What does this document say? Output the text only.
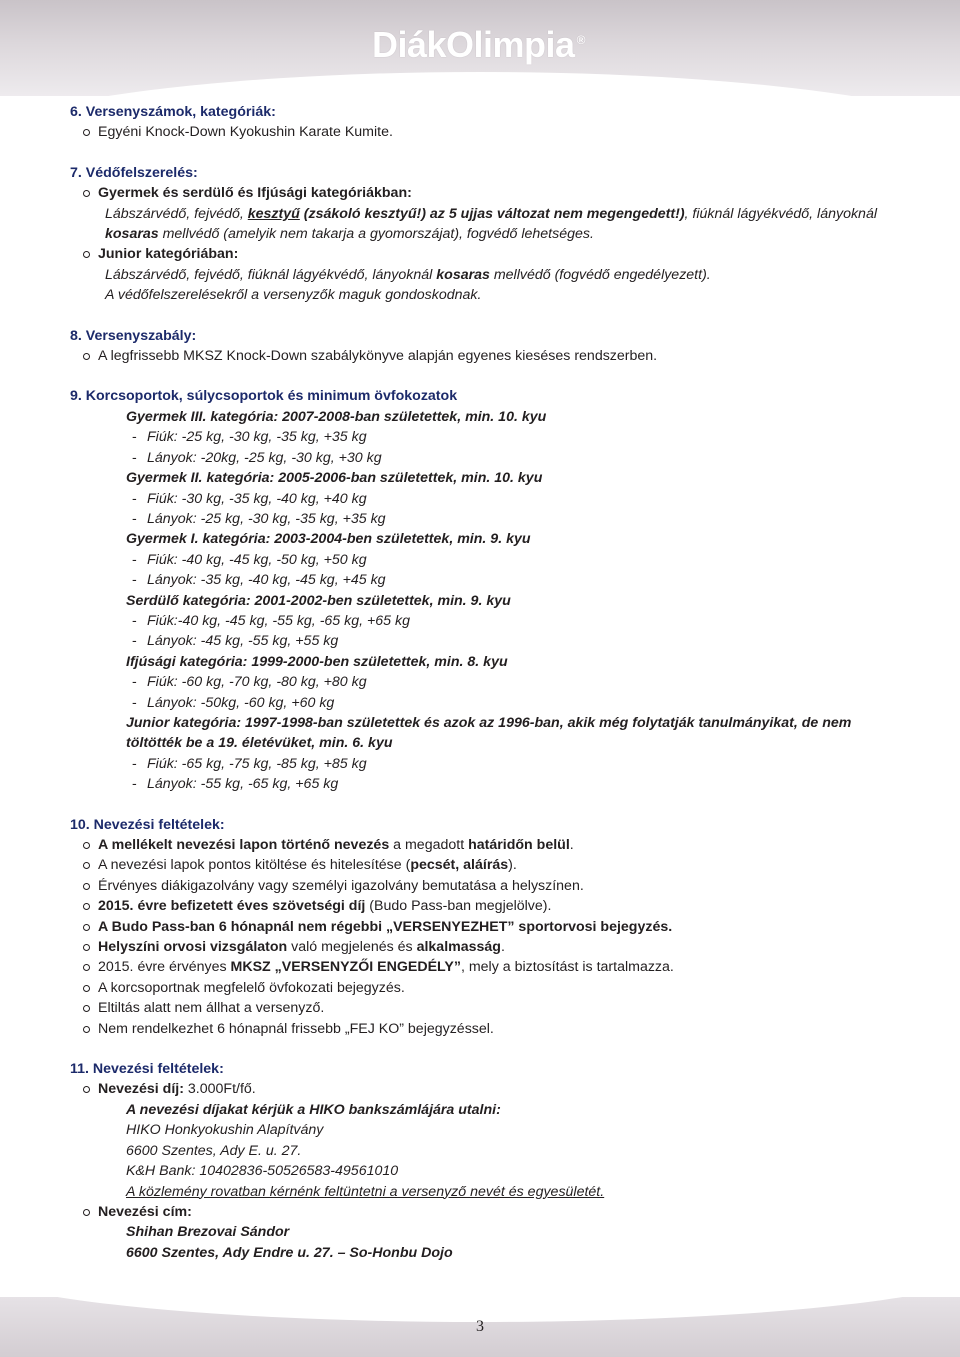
DiákOlimpia ®

6. Versenyszámok, kategóriák:

Egyéni Knock-Down Kyokushin Karate Kumite.

7. Védőfelszerelés:

Gyermek és serdülő és Ifjúsági kategóriákban:
Lábszárvédő, fejvédő, kesztyű (zsákoló kesztyű!) az 5 ujjas változat nem megengedett!), fiúknál lágyékvédő, lányoknál
kosaras mellvédő (amelyik nem takarja a gyomorszájat), fogvédő lehetséges.
Junior kategóriában:
Lábszárvédő, fejvédő, fiúknál lágyékvédő, lányoknál kosaras mellvédő (fogvédő engedélyezett).
A védőfelszerelésekről a versenyzők maguk gondoskodnak.

8. Versenyszabály:

A legfrissebb MKSZ Knock-Down szabálykönyve alapján egyenes kieséses rendszerben.

9. Korcsoportok, súlycsoportok és minimum övfokozatok

Gyermek III. kategória: 2007-2008-ban születettek, min. 10. kyu
- Fiúk: -25 kg, -30 kg, -35 kg, +35 kg
- Lányok: -20kg, -25 kg, -30 kg, +30 kg
Gyermek II. kategória: 2005-2006-ban születettek, min. 10. kyu
- Fiúk: -30 kg, -35 kg, -40 kg, +40 kg
- Lányok: -25 kg, -30 kg, -35 kg, +35 kg
Gyermek I. kategória: 2003-2004-ben születettek, min. 9. kyu
- Fiúk: -40 kg, -45 kg, -50 kg, +50 kg
- Lányok: -35 kg, -40 kg, -45 kg, +45 kg
Serdülő kategória: 2001-2002-ben születettek, min. 9. kyu
- Fiúk:-40 kg, -45 kg, -55 kg, -65 kg, +65 kg
- Lányok: -45 kg, -55 kg, +55 kg
Ifjúsági kategória: 1999-2000-ben születettek, min. 8. kyu
- Fiúk: -60 kg, -70 kg, -80 kg, +80 kg
- Lányok: -50kg, -60 kg, +60 kg
Junior kategória: 1997-1998-ban születettek és azok az 1996-ban, akik még folytatják tanulmányikat, de nem
töltötték be a 19. életévüket, min. 6. kyu
- Fiúk: -65 kg, -75 kg, -85 kg, +85 kg
- Lányok: -55 kg, -65 kg, +65 kg

10. Nevezési feltételek:

A mellékelt nevezési lapon történő nevezés a megadott határidőn belül.
A nevezési lapok pontos kitöltése és hitelesítése (pecsét, aláírás).
Érvényes diákigazolvány vagy személyi igazolvány bemutatása a helyszínen.
2015. évre befizetett éves szövetségi díj (Budo Pass-ban megjelölve).
A Budo Pass-ban 6 hónapnál nem régebbi „VERSENYEZHET” sportorvosi bejegyzés.
Helyszíni orvosi vizsgálaton való megjelenés és alkalmasság.
2015. évre érvényes MKSZ „VERSENYZŐI ENGEDÉLY”, mely a biztosítást is tartalmazza.
A korcsoportnak megfelelő övfokozati bejegyzés.
Eltiltás alatt nem állhat a versenyző.
Nem rendelkezhet 6 hónapnál frissebb „FEJ KO” bejegyzéssel.

11. Nevezési feltételek:

Nevezési díj: 3.000Ft/fő.
A nevezési díjakat kérjük a HIKO bankszámlájára utalni:
HIKO Honkyokushin Alapítvány
6600 Szentes, Ady E. u. 27.
K&H Bank: 10402836-50526583-49561010
A közlemény rovatban kérnénk feltüntetni a versenyző nevét és egyesületét.
Nevezési cím:
Shihan Brezovai Sándor
6600 Szentes, Ady Endre u. 27. – So-Honbu Dojo
3
